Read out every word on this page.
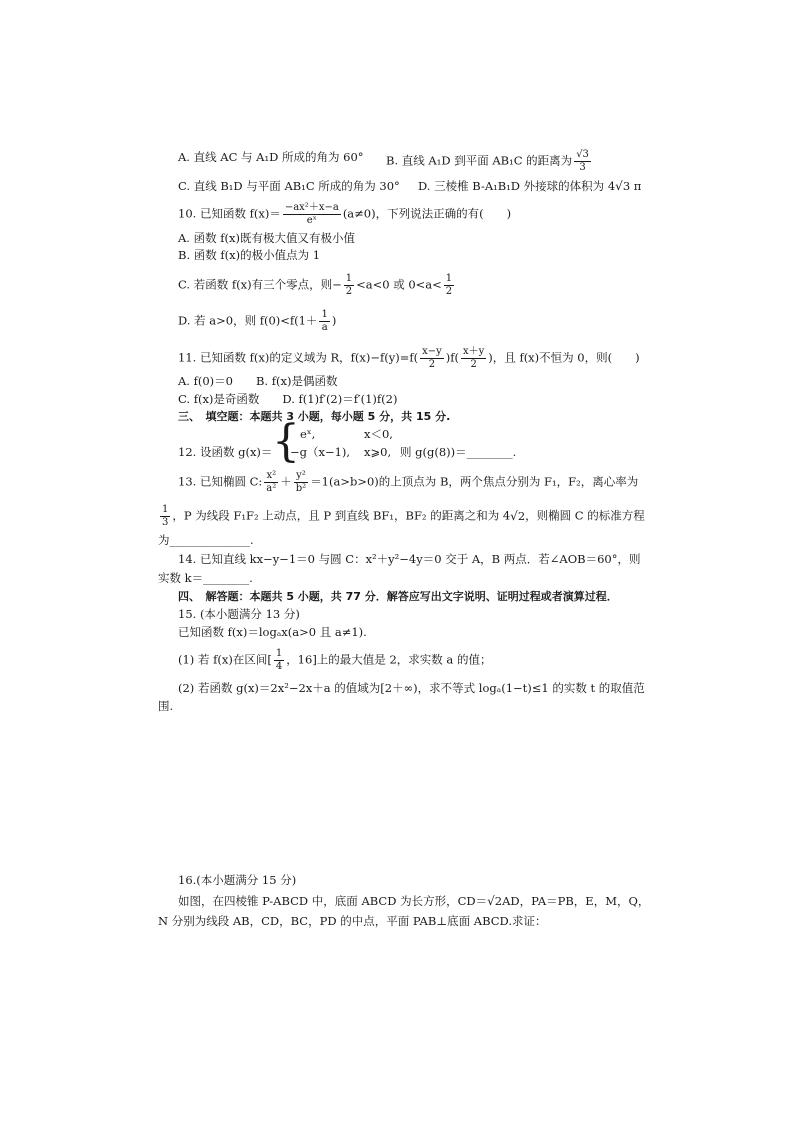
A. 直线 AC 与 A₁D 所成的角为 60° B. 直线 A₁D 到平面 AB₁C 的距离为 $\frac{√3}{3}$
C. 直线 B₁D 与平面 AB₁C 所成的角为 30° D. 三棱椎 B-A₁B₁D 外接球的体积为 4 √ 3 π
10. 已知函数 $f(x)= \frac{\text{−ax²＋x−a}}{\text{eˣ}} (a\ne 0)$，下列说法正确的有(　　)
A. 函数 f(x)既有极大值又有极小值
B. 函数 f(x)的极小值点为 1
C. 若函数 f(x)有三个零点，则− $\frac{1}{2} <a<0$ 或 $0<a< \frac{1}{2}$
D. 若 a>0，则 $f(0)<f(1+ \frac{1}{a}$ )
11. 已知函数 f(x)的定义域为 R，$f(x)-f(y)=f( \frac{x-y}{2} )f( \frac{x+y}{2}$ )，且 f(x)不恒为 0，则(　　)
A. f(0)＝0　　B. f(x)是偶函数
C. f(x)是奇函数　　D. f(1)f′(2)＝f′(1)f(2)
三、　填空题：本题共 3 小题，每小题 5 分，共 15 分.
12. 设函数 g(x)＝ { eˣ,	x＜0,
−g（x−1), x⩾0, 则 g(g(8))＝________.
13. 已知椭圆 C: $\frac{\text{x²}}{\text{a²}} + \frac{\text{y²}}{\text{b²}} =1(a>b>0)$的上顶点为 B，两个焦点分别为 F₁，F₂，离心率为
$\frac{1}{3}$ ，P 为线段 F₁F₂ 上动点，且 P 到直线 BF₁，BF₂ 的距离之和为 4 √ 2，则椭圆 C 的标准方程
为______________.
14. 已知直线 kx−y−1＝0 与圆 C：x²＋y²−4y＝0 交于 A，B 两点．若∠AOB＝60°，则
实数 k＝________.
四、　解答题：本题共 5 小题，共 77 分．解答应写出文字说明、证明过程或者演算过程．
15. (本小题满分 13 分)
已知函数 f(x)＝logₐx(a>0 且 a≠1).
(1) 若 f(x)在区间[ $\frac{1}{4}$ ，16]上的最大值是 2，求实数 a 的值；
(2) 若函数 g(x)＝2x²−2x＋a 的值域为[2＋∞)，求不等式 logₐ(1−t)≤1 的实数 t 的取值范
围.
16.(本小题满分 15 分)
如图，在四棱锥 P-ABCD 中，底面 ABCD 为长方形，CD＝ √ 2AD，PA＝PB，E，M，Q，
N 分别为线段 AB，CD，BC，PD 的中点，平面 PAB⊥底面 ABCD.求证：
